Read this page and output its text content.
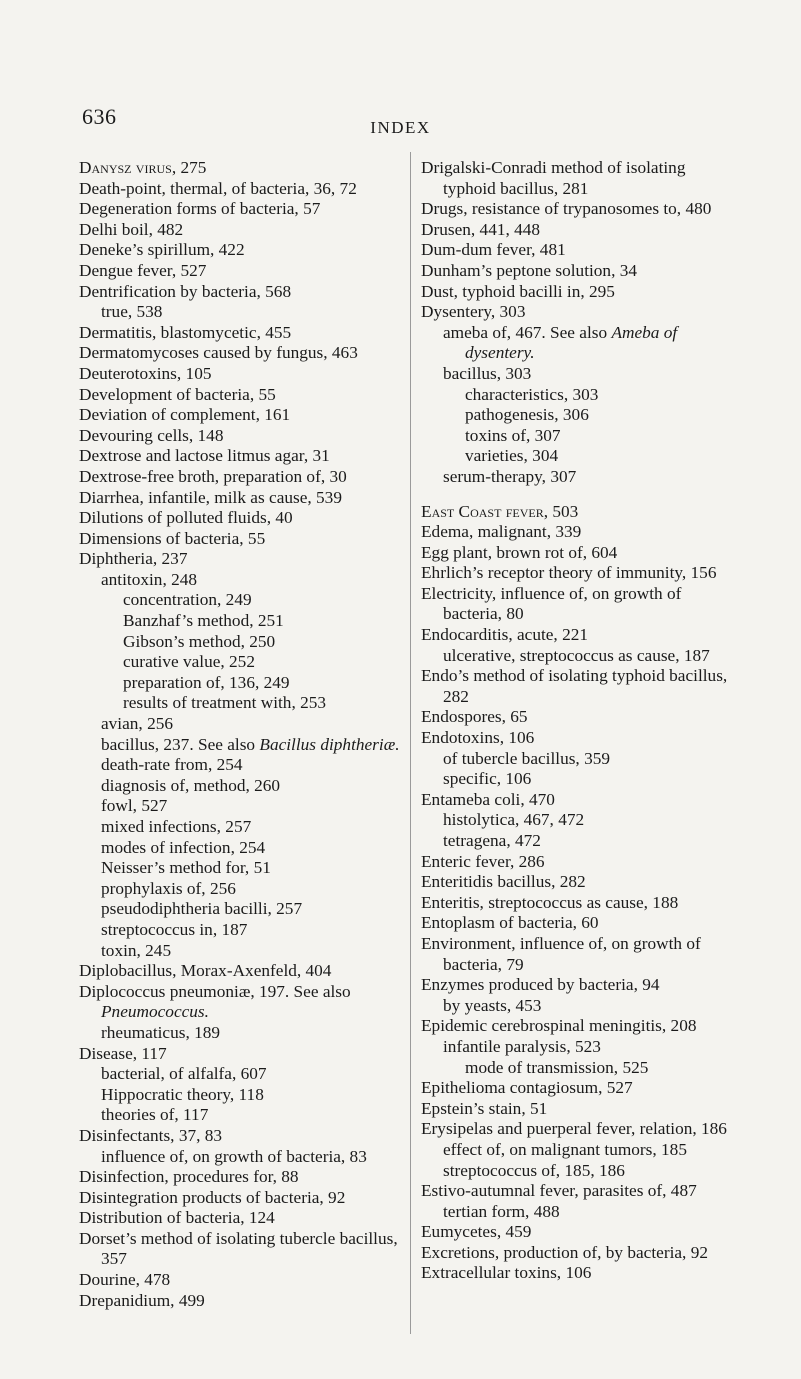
636	INDEX

Danysz virus, 275

Death-point, thermal, of bacteria, 36, 72

Degeneration forms of bacteria, 57

Delhi boil, 482

Deneke’s spirillum, 422

Dengue fever, 527

Dentrification by bacteria, 568

true, 538

Dermatitis, blastomycetic, 455

Dermatomycoses caused by fungus, 463

Deuterotoxins, 105

Development of bacteria, 55

Deviation of complement, 161

Devouring cells, 148

Dextrose and lactose litmus agar, 31

Dextrose-free broth, preparation of, 30

Diarrhea, infantile, milk as cause, 539

Dilutions of polluted fluids, 40

Dimensions of bacteria, 55

Diphtheria, 237

antitoxin, 248

concentration, 249

Banzhaf’s method, 251

Gibson’s method, 250

curative value, 252

preparation of, 136, 249

results of treatment with, 253

avian, 256

bacillus, 237. See also Bacillus diphtheriæ.

death-rate from, 254

diagnosis of, method, 260

fowl, 527

mixed infections, 257

modes of infection, 254

Neisser’s method for, 51

prophylaxis of, 256

pseudodiphtheria bacilli, 257

streptococcus in, 187

toxin, 245

Diplobacillus, Morax-Axenfeld, 404

Diplococcus pneumoniæ, 197. See also Pneumococcus.

rheumaticus, 189

Disease, 117

bacterial, of alfalfa, 607

Hippocratic theory, 118

theories of, 117

Disinfectants, 37, 83

influence of, on growth of bacteria, 83

Disinfection, procedures for, 88

Disintegration products of bacteria, 92

Distribution of bacteria, 124

Dorset’s method of isolating tubercle bacillus, 357

Dourine, 478

Drepanidium, 499

Drigalski-Conradi method of isolating typhoid bacillus, 281

Drugs, resistance of trypanosomes to, 480

Drusen, 441, 448

Dum-dum fever, 481

Dunham’s peptone solution, 34

Dust, typhoid bacilli in, 295

Dysentery, 303

ameba of, 467. See also Ameba of dysentery.

bacillus, 303

characteristics, 303

pathogenesis, 306

toxins of, 307

varieties, 304

serum-therapy, 307

East Coast fever, 503

Edema, malignant, 339

Egg plant, brown rot of, 604

Ehrlich’s receptor theory of immunity, 156

Electricity, influence of, on growth of bacteria, 80

Endocarditis, acute, 221

ulcerative, streptococcus as cause, 187

Endo’s method of isolating typhoid bacillus, 282

Endospores, 65

Endotoxins, 106

of tubercle bacillus, 359

specific, 106

Entameba coli, 470

histolytica, 467, 472

tetragena, 472

Enteric fever, 286

Enteritidis bacillus, 282

Enteritis, streptococcus as cause, 188

Entoplasm of bacteria, 60

Environment, influence of, on growth of bacteria, 79

Enzymes produced by bacteria, 94

by yeasts, 453

Epidemic cerebrospinal meningitis, 208

infantile paralysis, 523

mode of transmission, 525

Epithelioma contagiosum, 527

Epstein’s stain, 51

Erysipelas and puerperal fever, relation, 186

effect of, on malignant tumors, 185

streptococcus of, 185, 186

Estivo-autumnal fever, parasites of, 487

tertian form, 488

Eumycetes, 459

Excretions, production of, by bacteria, 92

Extracellular toxins, 106
